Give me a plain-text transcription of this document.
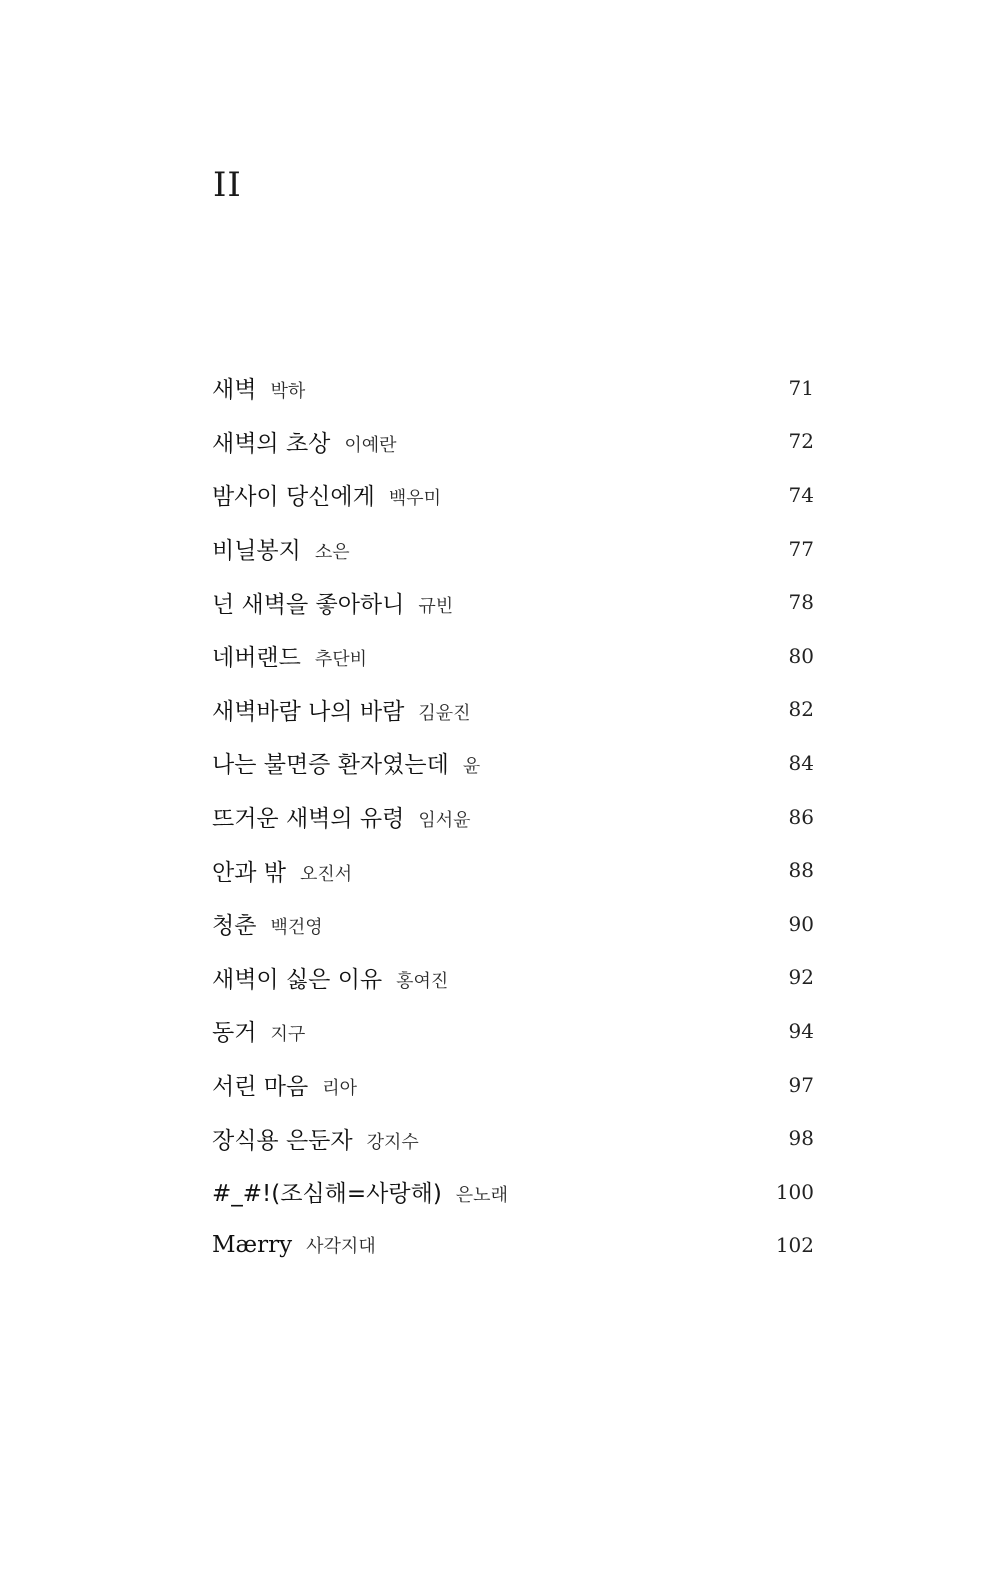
II
새벽 박하	71
새벽의 초상 이예란	72
밤사이 당신에게 백우미	74
비닐봉지 소은	77
넌 새벽을 좋아하니 규빈	78
네버랜드 추단비	80
새벽바람 나의 바람 김윤진	82
나는 불면증 환자였는데 윤	84
뜨거운 새벽의 유령 임서윤	86
안과 밖 오진서	88
청춘 백건영	90
새벽이 싫은 이유 홍여진	92
동거 지구	94
서린 마음 리아	97
장식용 은둔자 강지수	98
#_#!(조심해=사랑해) 은노래	100
Mærry 사각지대	102
